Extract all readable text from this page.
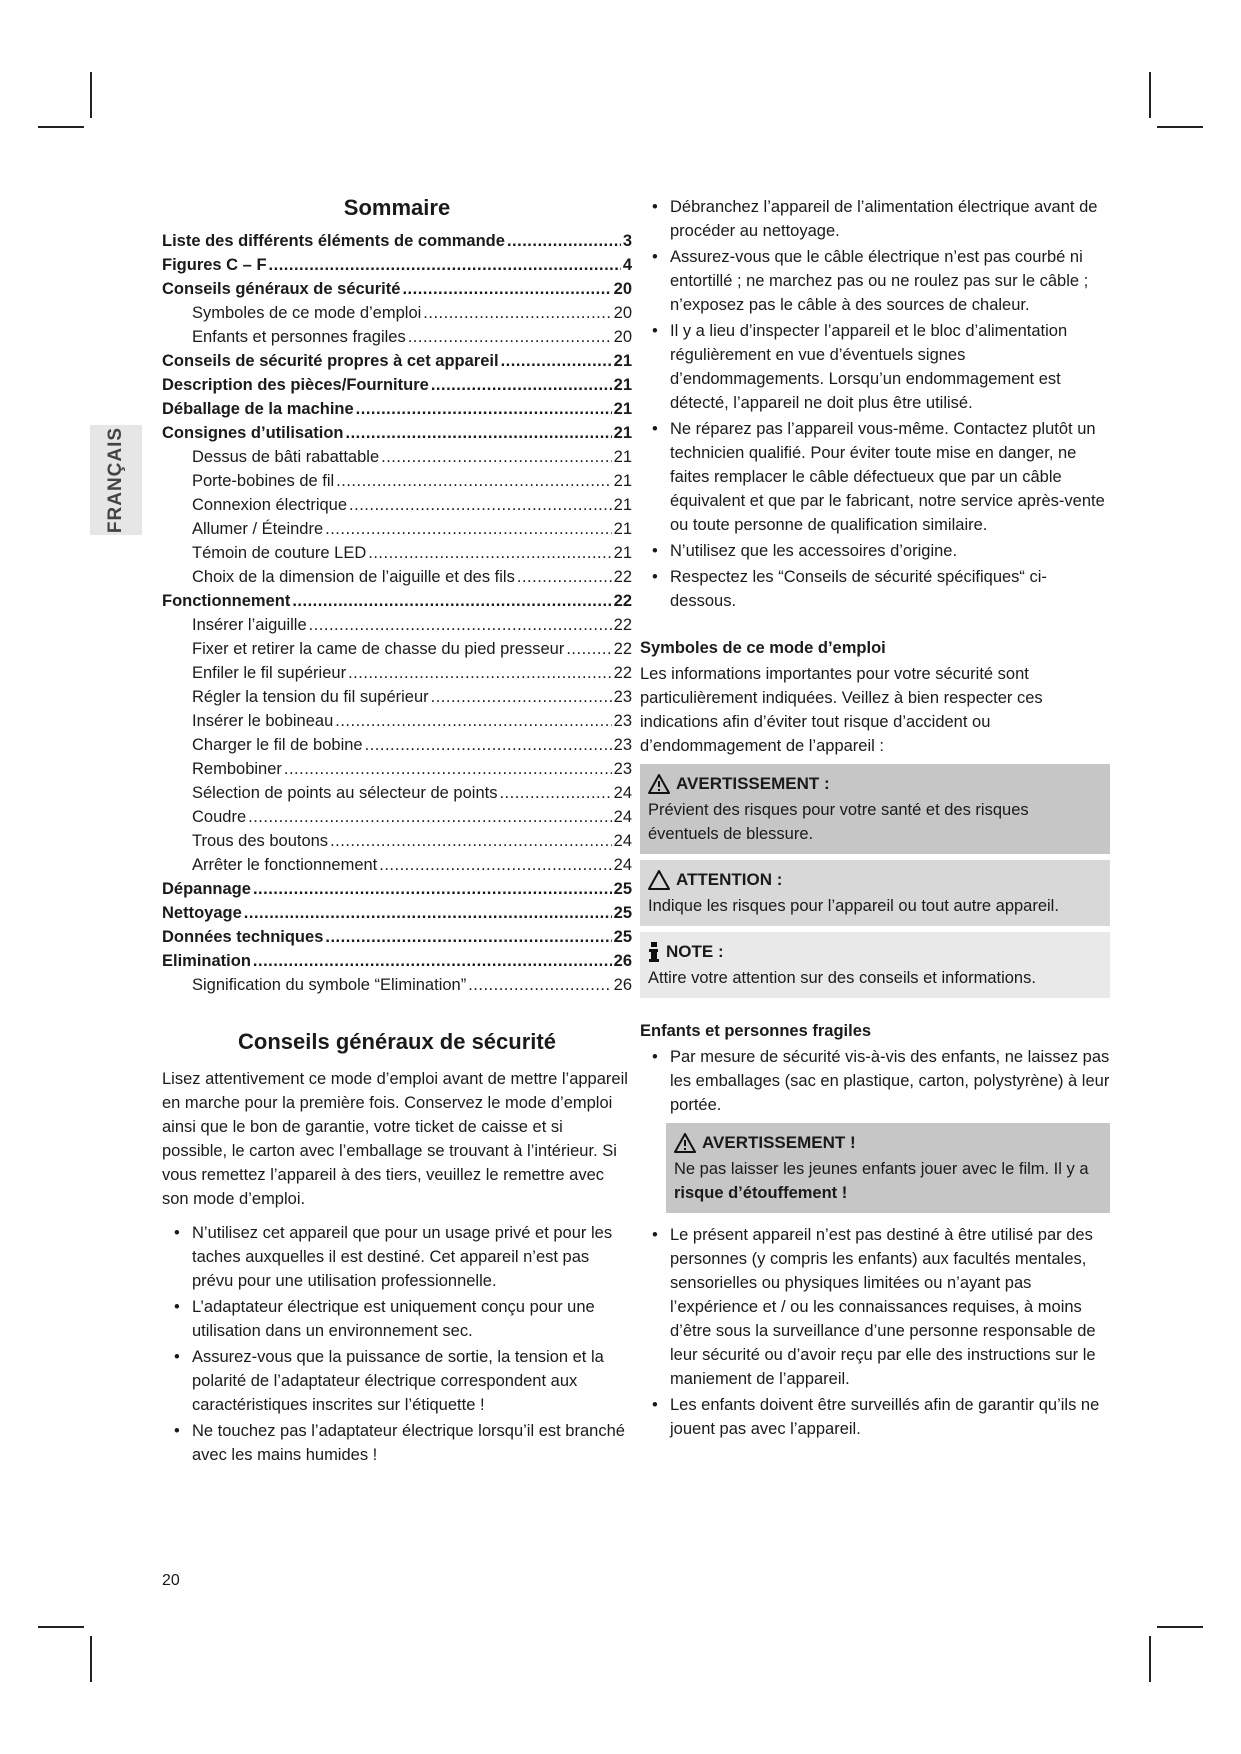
FRANÇAIS
Sommaire
Liste des différents éléments de commande .....	3
Figures C – F .....	4
Conseils généraux de sécurité .....	20
Symboles de ce mode d’emploi .....	20
Enfants et personnes fragiles .....	20
Conseils de sécurité propres à cet appareil .....	21
Description des pièces/Fourniture .....	21
Déballage de la machine .....	21
Consignes d’utilisation .....	21
Dessus de bâti rabattable .....	21
Porte-bobines de fil .....	21
Connexion électrique .....	21
Allumer / Éteindre .....	21
Témoin de couture LED .....	21
Choix de la dimension de l’aiguille et des fils .....	22
Fonctionnement .....	22
Insérer l’aiguille .....	22
Fixer et retirer la came de chasse du pied presseur .....	22
Enfiler le fil supérieur .....	22
Régler la tension du fil supérieur .....	23
Insérer le bobineau .....	23
Charger le fil de bobine .....	23
Rembobiner .....	23
Sélection de points au sélecteur de points .....	24
Coudre .....	24
Trous des boutons .....	24
Arrêter le fonctionnement .....	24
Dépannage .....	25
Nettoyage .....	25
Données techniques .....	25
Elimination .....	26
Signification du symbole “Elimination” .....	26
Conseils généraux de sécurité

Lisez attentivement ce mode d’emploi avant de mettre l’appareil en marche pour la première fois. Conservez le mode d’emploi ainsi que le bon de garantie, votre ticket de caisse et si possible, le carton avec l’emballage se trouvant à l’intérieur. Si vous remettez l’appareil à des tiers, veuillez le remettre avec son mode d’emploi.

• N’utilisez cet appareil que pour un usage privé et pour les taches auxquelles il est destiné. Cet appareil n’est pas prévu pour une utilisation professionnelle.
• L’adaptateur électrique est uniquement conçu pour une utilisation dans un environnement sec.
• Assurez-vous que la puissance de sortie, la tension et la polarité de l’adaptateur électrique correspondent aux caractéristiques inscrites sur l’étiquette !
• Ne touchez pas l’adaptateur électrique lorsqu’il est branché avec les mains humides !
• Débranchez l’appareil de l’alimentation électrique avant de procéder au nettoyage.
• Assurez-vous que le câble électrique n’est pas courbé ni entortillé ; ne marchez pas ou ne roulez pas sur le câble ; n’exposez pas le câble à des sources de chaleur.
• Il y a lieu d’inspecter l’appareil et le bloc d’alimentation régulièrement en vue d’éventuels signes d’endommagements. Lorsqu’un endommagement est détecté, l’appareil ne doit plus être utilisé.
• Ne réparez pas l’appareil vous-même. Contactez plutôt un technicien qualifié. Pour éviter toute mise en danger, ne faites remplacer le câble défectueux que par un câble équivalent et que par le fabricant, notre service après-vente ou toute personne de qualification similaire.
• N’utilisez que les accessoires d’origine.
• Respectez les “Conseils de sécurité spécifiques“ ci-dessous.
Symboles de ce mode d’emploi

Les informations importantes pour votre sécurité sont particulièrement indiquées. Veillez à bien respecter ces indications afin d’éviter tout risque d’accident ou d’endommagement de l’appareil :

AVERTISSEMENT :
Prévient des risques pour votre santé et des risques éventuels de blessure.
ATTENTION :
Indique les risques pour l’appareil ou tout autre appareil.
NOTE :
Attire votre attention sur des conseils et informations.
Enfants et personnes fragiles
• Par mesure de sécurité vis-à-vis des enfants, ne laissez pas les emballages (sac en plastique, carton, polystyrène) à leur portée.
AVERTISSEMENT !
Ne pas laisser les jeunes enfants jouer avec le film. Il y a
risque d’étouffement !
• Le présent appareil n’est pas destiné à être utilisé par des personnes (y compris les enfants) aux facultés mentales, sensorielles ou physiques limitées ou n’ayant pas l’expérience et / ou les connaissances requises, à moins d’être sous la surveillance d’une personne responsable de leur sécurité ou d’avoir reçu par elle des instructions sur le maniement de l’appareil.
• Les enfants doivent être surveillés afin de garantir qu’ils ne jouent pas avec l’appareil.
20
